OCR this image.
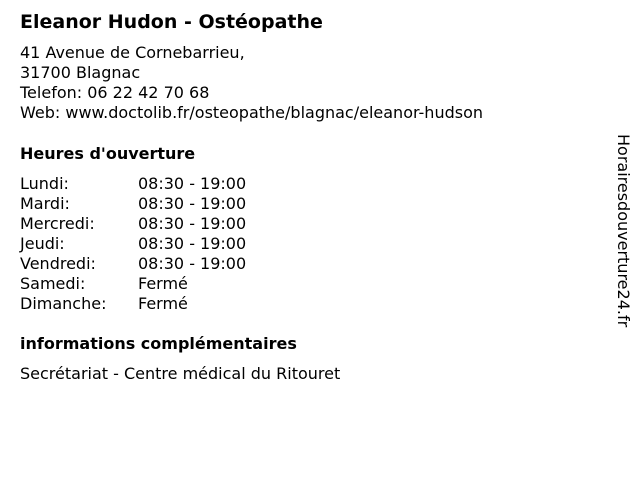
Eleanor Hudon - Ostéopathe
41 Avenue de Cornebarrieu,
31700 Blagnac
Telefon: 06 22 42 70 68
Web: www.doctolib.fr/osteopathe/blagnac/eleanor-hudson
Heures d'ouverture
Lundi:	08:30 - 19:00
Mardi:	08:30 - 19:00
Mercredi:	08:30 - 19:00
Jeudi:	08:30 - 19:00
Vendredi:	08:30 - 19:00
Samedi:	Fermé
Dimanche:	Fermé
informations complémentaires
Secrétariat - Centre médical du Ritouret
Horairesdouverture24.fr
